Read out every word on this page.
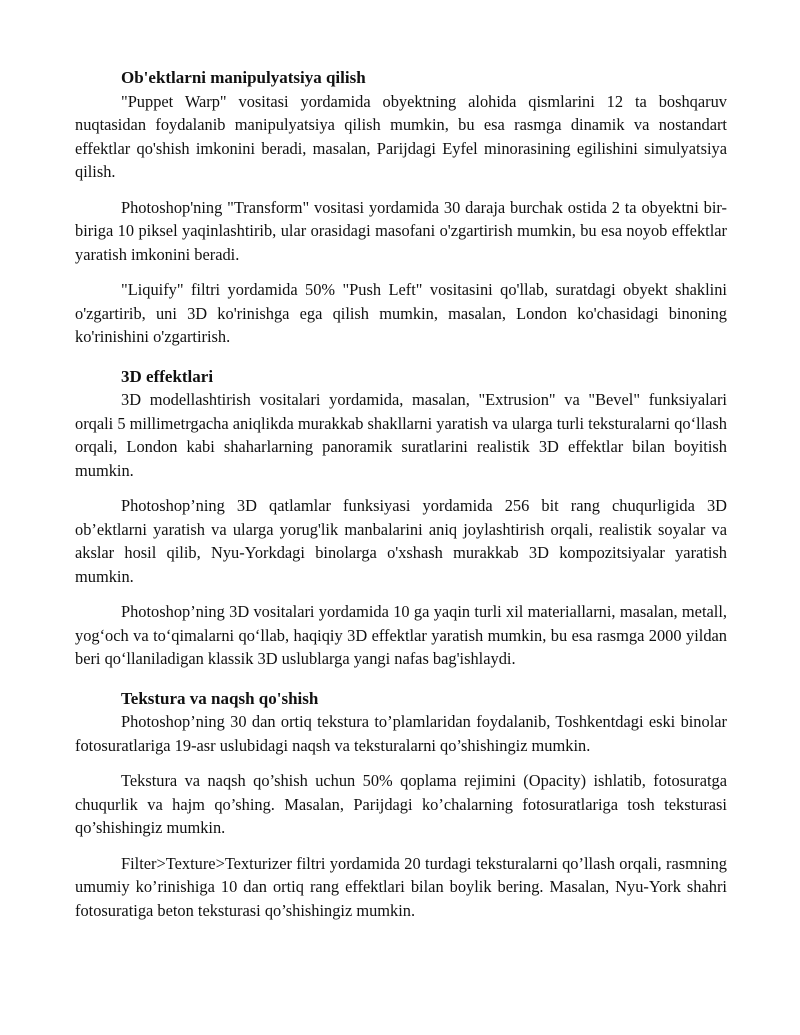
Ob'ektlarni manipulyatsiya qilish

"Puppet Warp" vositasi yordamida obyektning alohida qismlarini 12 ta boshqaruv nuqtasidan foydalanib manipulyatsiya qilish mumkin, bu esa rasmga dinamik va nostandart effektlar qo'shish imkonini beradi, masalan, Parijdagi Eyfel minorasining egilishini simulyatsiya qilish.

Photoshop'ning "Transform" vositasi yordamida 30 daraja burchak ostida 2 ta obyektni bir-biriga 10 piksel yaqinlashtirib, ular orasidagi masofani o'zgartirish mumkin, bu esa noyob effektlar yaratish imkonini beradi.

"Liquify" filtri yordamida 50% "Push Left" vositasini qo'llab, suratdagi obyekt shaklini o'zgartirib, uni 3D ko'rinishga ega qilish mumkin, masalan, London ko'chasidagi binoning ko'rinishini o'zgartirish.

3D effektlari

3D modellashtirish vositalari yordamida, masalan, "Extrusion" va "Bevel" funksiyalari orqali 5 millimetrgacha aniqlikda murakkab shakllarni yaratish va ularga turli teksturalarni qo‘llash orqali, London kabi shaharlarning panoramik suratlarini realistik 3D effektlar bilan boyitish mumkin.

Photoshop’ning 3D qatlamlar funksiyasi yordamida 256 bit rang chuqurligida 3D ob’ektlarni yaratish va ularga yorug'lik manbalarini aniq joylashtirish orqali, realistik soyalar va akslar hosil qilib, Nyu-Yorkdagi binolarga o'xshash murakkab 3D kompozitsiyalar yaratish mumkin.

Photoshop’ning 3D vositalari yordamida 10 ga yaqin turli xil materiallarni, masalan, metall, yog‘och va to‘qimalarni qo‘llab, haqiqiy 3D effektlar yaratish mumkin, bu esa rasmga 2000 yildan beri qo‘llaniladigan klassik 3D uslublarga yangi nafas bag'ishlaydi.

Tekstura va naqsh qo'shish

Photoshop’ning 30 dan ortiq tekstura to’plamlaridan foydalanib, Toshkentdagi eski binolar fotosuratlariga 19-asr uslubidagi naqsh va teksturalarni qo’shishingiz mumkin.

Tekstura va naqsh qo’shish uchun 50% qoplama rejimini (Opacity) ishlatib, fotosuratga chuqurlik va hajm qo’shing. Masalan, Parijdagi ko’chalarning fotosuratlariga tosh teksturasi qo’shishingiz mumkin.

Filter>Texture>Texturizer filtri yordamida 20 turdagi teksturalarni qo’llash orqali, rasmning umumiy ko’rinishiga 10 dan ortiq rang effektlari bilan boylik bering. Masalan, Nyu-York shahri fotosuratiga beton teksturasi qo’shishingiz mumkin.
